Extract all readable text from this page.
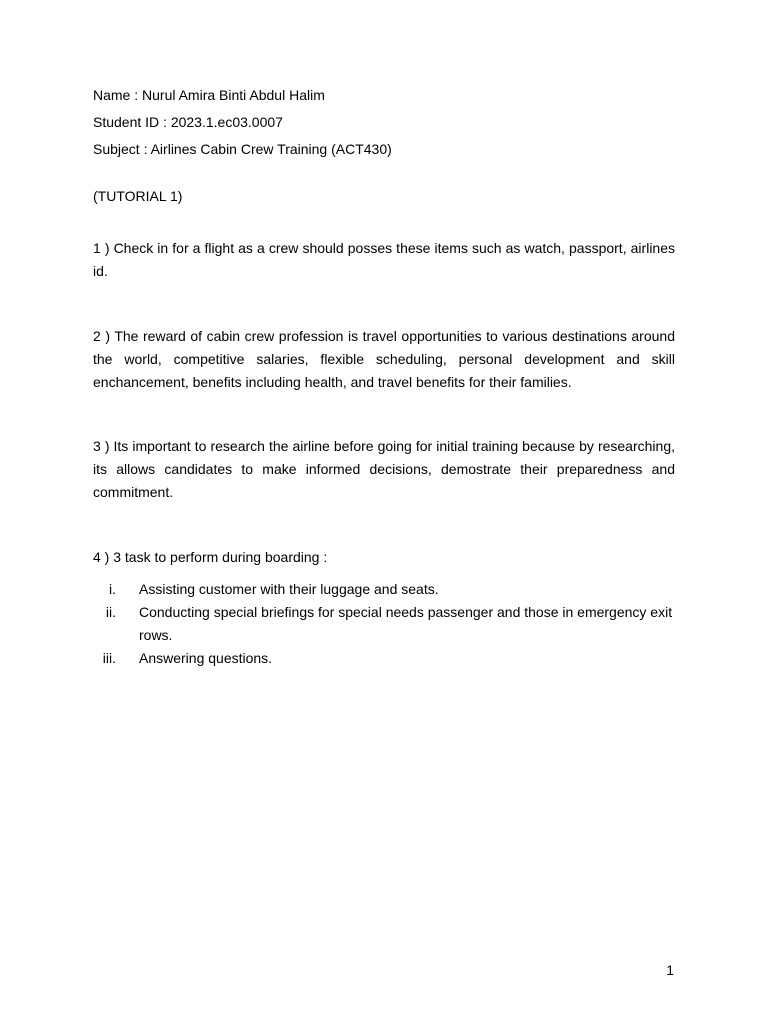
Name : Nurul Amira Binti Abdul Halim

Student ID : 2023.1.ec03.0007

Subject : Airlines Cabin Crew Training (ACT430)

(TUTORIAL 1)

1 ) Check in for a flight as a crew should posses these items such as watch, passport, airlines id.

2 ) The reward of cabin crew profession is travel opportunities to various destinations around the world, competitive salaries, flexible scheduling, personal development and skill enchancement, benefits including health, and travel benefits for their families.

3 ) Its important to research the airline before going for initial training because by researching, its allows candidates to make informed decisions, demostrate their preparedness and commitment.

4 ) 3 task to perform during boarding :

i. Assisting customer with their luggage and seats.
ii. Conducting special briefings for special needs passenger and those in emergency exit rows.
iii. Answering questions.
1
